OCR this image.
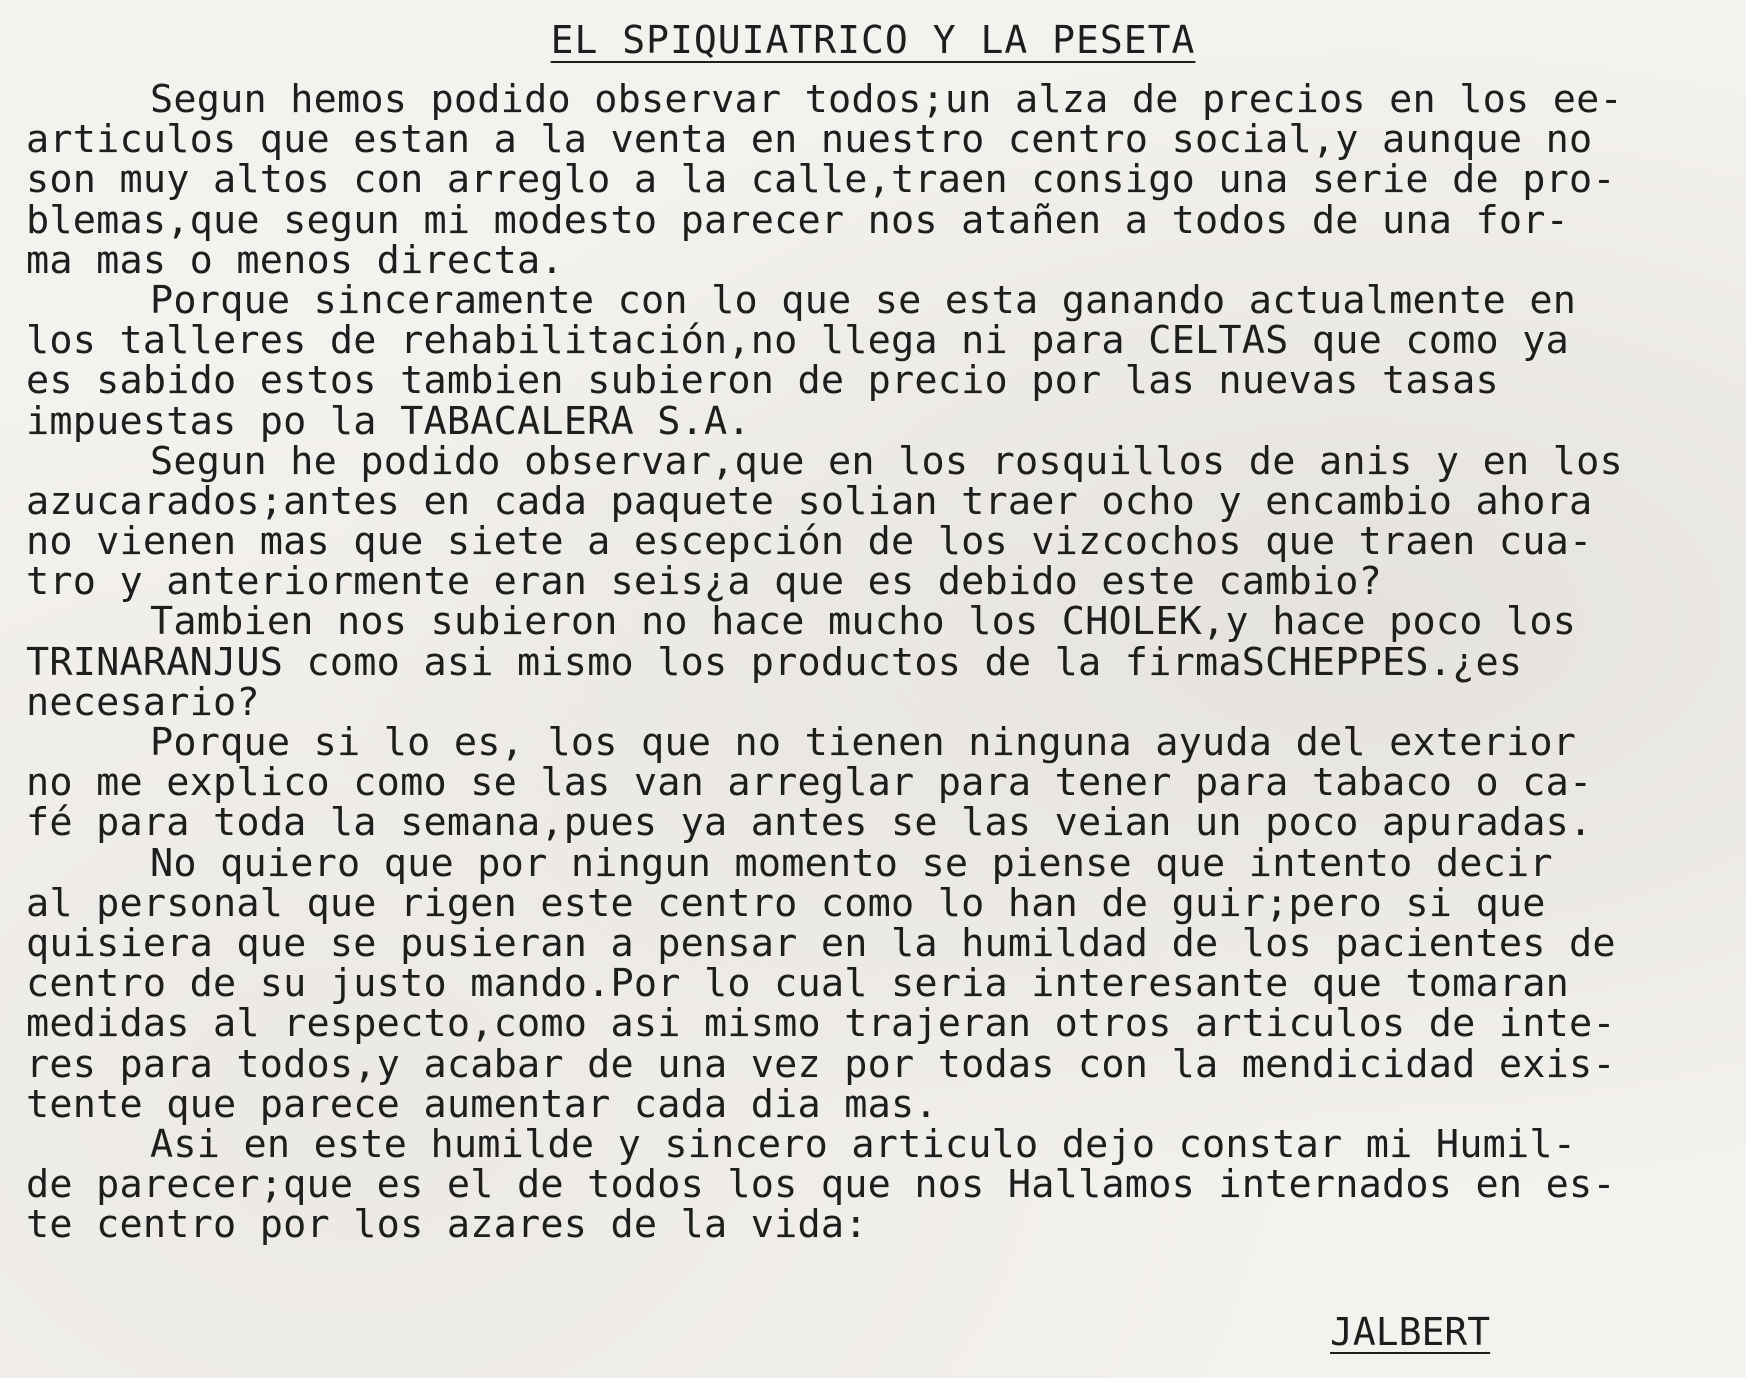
EL SPIQUIATRICO Y LA PESETA
Segun hemos podido observar todos;un alza de precios en los ee-
articulos que estan a la venta en nuestro centro social,y aunque no
son muy altos con arreglo a la calle,traen consigo una serie de pro-
blemas,que segun mi modesto parecer nos atañen a todos de una for-
ma mas o menos directa.
Porque sinceramente con lo que se esta ganando actualmente en
los talleres de rehabilitación,no llega ni para CELTAS que como ya
es sabido estos tambien subieron de precio por las nuevas tasas
impuestas po la TABACALERA S.A.
Segun he podido observar,que en los rosquillos de anis y en los
azucarados;antes en cada paquete solian traer ocho y encambio ahora
no vienen mas que siete a escepción de los vizcochos que traen cua-
tro y anteriormente eran seis¿a que es debido este cambio?
Tambien nos subieron no hace mucho los CHOLEK,y hace poco los
TRINARANJUS como asi mismo los productos de la firmaSCHEPPES.¿es
necesario?
Porque si lo es, los que no tienen ninguna ayuda del exterior
no me explico como se las van arreglar para tener para tabaco o ca-
fé para toda la semana,pues ya antes se las veian un poco apuradas.
No quiero que por ningun momento se piense que intento decir
al personal que rigen este centro como lo han de guir;pero si que
quisiera que se pusieran a pensar en la humildad de los pacientes de
centro de su justo mando.Por lo cual seria interesante que tomaran
medidas al respecto,como asi mismo trajeran otros articulos de inte-
res para todos,y acabar de una vez por todas con la mendicidad exis-
tente que parece aumentar cada dia mas.
Asi en este humilde y sincero articulo dejo constar mi Humil-
de parecer;que es el de todos los que nos Hallamos internados en es-
te centro por los azares de la vida:
JALBERT
